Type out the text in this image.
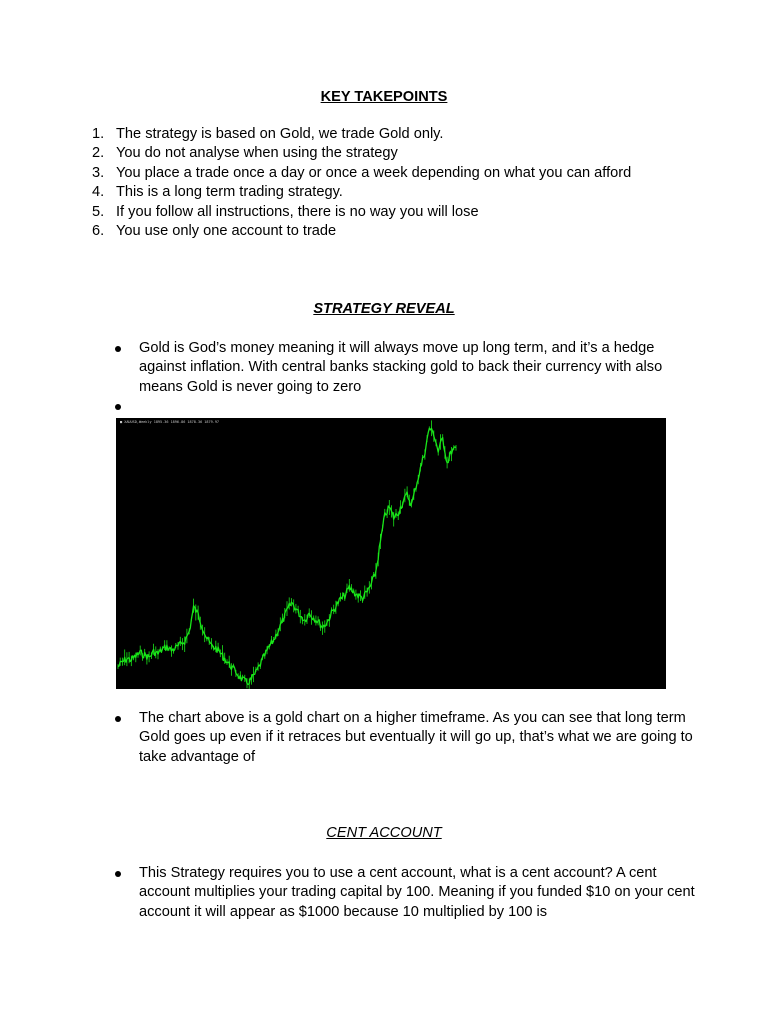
KEY TAKEPOINTS
1. The strategy is based on Gold, we trade Gold only.
2. You do not analyse when using the strategy
3. You place a trade once a day or once a week depending on what you can afford
4. This is a long term trading strategy.
5. If you follow all instructions, there is no way you will lose
6. You use only one account to trade
STRATEGY REVEAL
Gold is God’s money meaning it will always move up long term, and it’s a hedge against inflation. With central banks stacking gold to back their currency with also means Gold is never going to zero
■ XAUUSD,Weekly 1895.36 1896.86 1878.36 1879.97
The chart above is a gold chart on a higher timeframe. As you can see that long term Gold goes up even if it retraces but eventually it will go up, that’s what we are going to take advantage of
CENT ACCOUNT
This Strategy requires you to use a cent account, what is a cent account? A cent account multiplies your trading capital by 100. Meaning if you funded $10 on your cent account it will appear as $1000 because 10 multiplied by 100 is
